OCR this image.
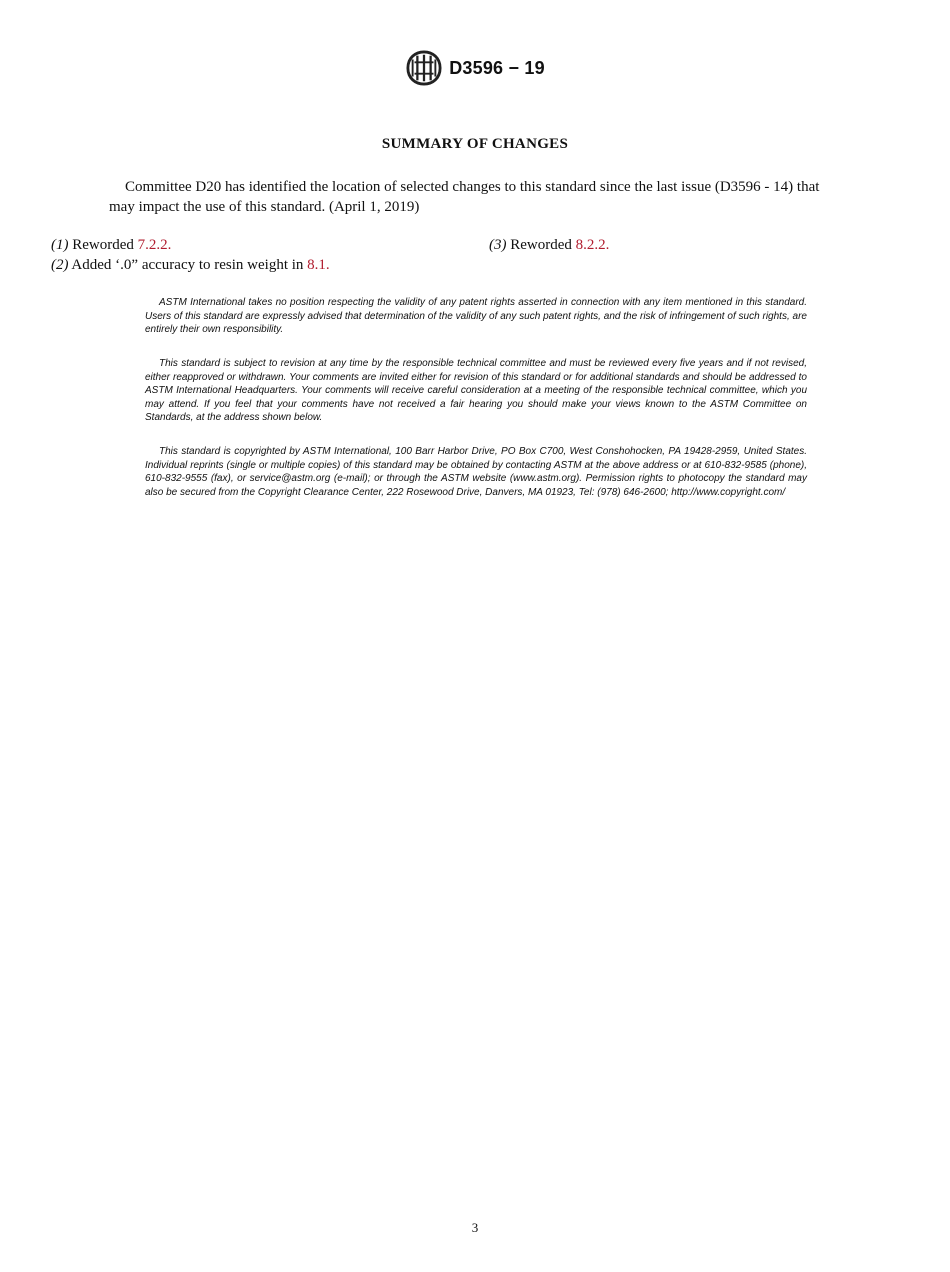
D3596 − 19
SUMMARY OF CHANGES

Committee D20 has identified the location of selected changes to this standard since the last issue (D3596 - 14) that may impact the use of this standard. (April 1, 2019)

(1) Reworded 7.2.2.
(2) Added ‘.0” accuracy to resin weight in 8.1.
(3) Reworded 8.2.2.

ASTM International takes no position respecting the validity of any patent rights asserted in connection with any item mentioned in this standard. Users of this standard are expressly advised that determination of the validity of any such patent rights, and the risk of infringement of such rights, are entirely their own responsibility.

This standard is subject to revision at any time by the responsible technical committee and must be reviewed every five years and if not revised, either reapproved or withdrawn. Your comments are invited either for revision of this standard or for additional standards and should be addressed to ASTM International Headquarters. Your comments will receive careful consideration at a meeting of the responsible technical committee, which you may attend. If you feel that your comments have not received a fair hearing you should make your views known to the ASTM Committee on Standards, at the address shown below.

This standard is copyrighted by ASTM International, 100 Barr Harbor Drive, PO Box C700, West Conshohocken, PA 19428-2959, United States. Individual reprints (single or multiple copies) of this standard may be obtained by contacting ASTM at the above address or at 610-832-9585 (phone), 610-832-9555 (fax), or service@astm.org (e-mail); or through the ASTM website (www.astm.org). Permission rights to photocopy the standard may also be secured from the Copyright Clearance Center, 222 Rosewood Drive, Danvers, MA 01923, Tel: (978) 646-2600; http://www.copyright.com/

3
